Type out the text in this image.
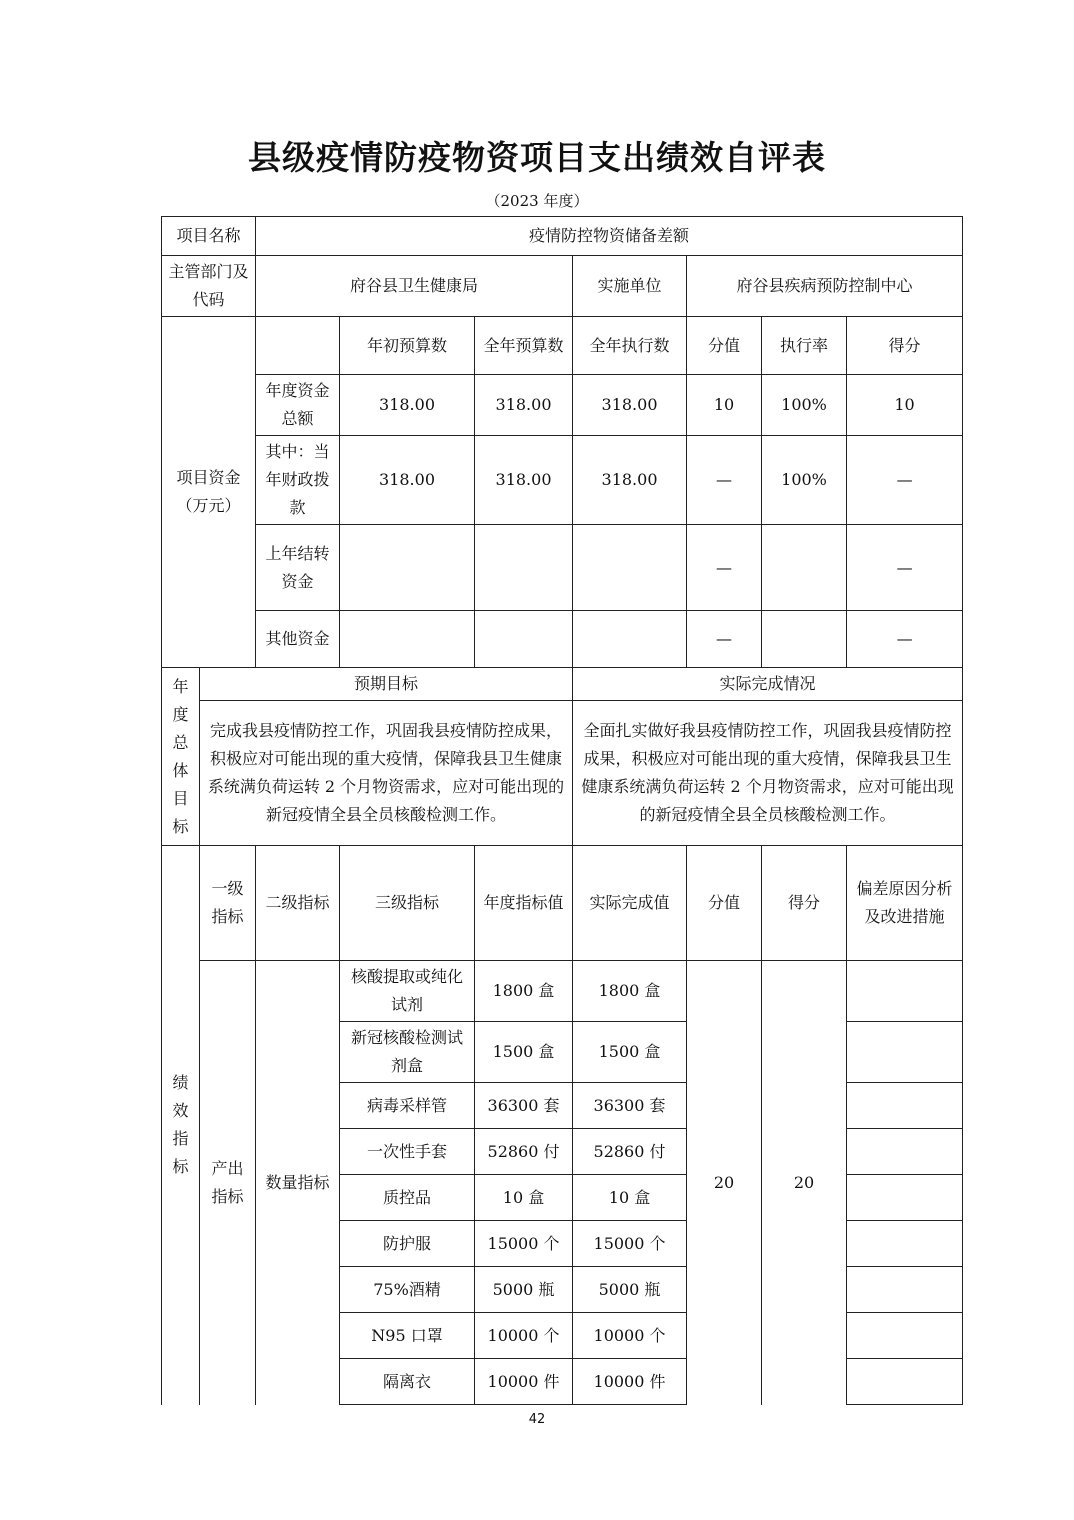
县级疫情防疫物资项目支出绩效自评表
（2023 年度）
项目名称		疫情防控物资储备差额						
主管部门及代码		府谷县卫生健康局			实施单位	府谷县疾病预防控制中心		
项目资金（万元）			年初预算数	全年预算数	全年执行数	分值	执行率	得分
		年度资金总额	318.00	318.00	318.00	10	100%	10
		其中：当年财政拨款	318.00	318.00	318.00	—	100%	—
		上年结转资金				—		—
		其他资金				—		—
年度总体目标	预期目标				实际完成情况			
	完成我县疫情防控工作，巩固我县疫情防控成果，积极应对可能出现的重大疫情，保障我县卫生健康系统满负荷运转 2 个月物资需求，应对可能出现的新冠疫情全县全员核酸检测工作。				全面扎实做好我县疫情防控工作，巩固我县疫情防控成果，积极应对可能出现的重大疫情，保障我县卫生健康系统满负荷运转 2 个月物资需求，应对可能出现的新冠疫情全县全员核酸检测工作。			
绩效指标	一级指标	二级指标	三级指标	年度指标值	实际完成值	分值	得分	偏差原因分析及改进措施
	产出指标	数量指标	核酸提取或纯化试剂	1800 盒	1800 盒	20	20	
			新冠核酸检测试剂盒	1500 盒	1500 盒			
			病毒采样管	36300 套	36300 套			
			一次性手套	52860 付	52860 付			
			质控品	10 盒	10 盒			
			防护服	15000 个	15000 个			
			75%酒精	5000 瓶	5000 瓶			
			N95 口罩	10000 个	10000 个			
			隔离衣	10000 件	10000 件			
42
